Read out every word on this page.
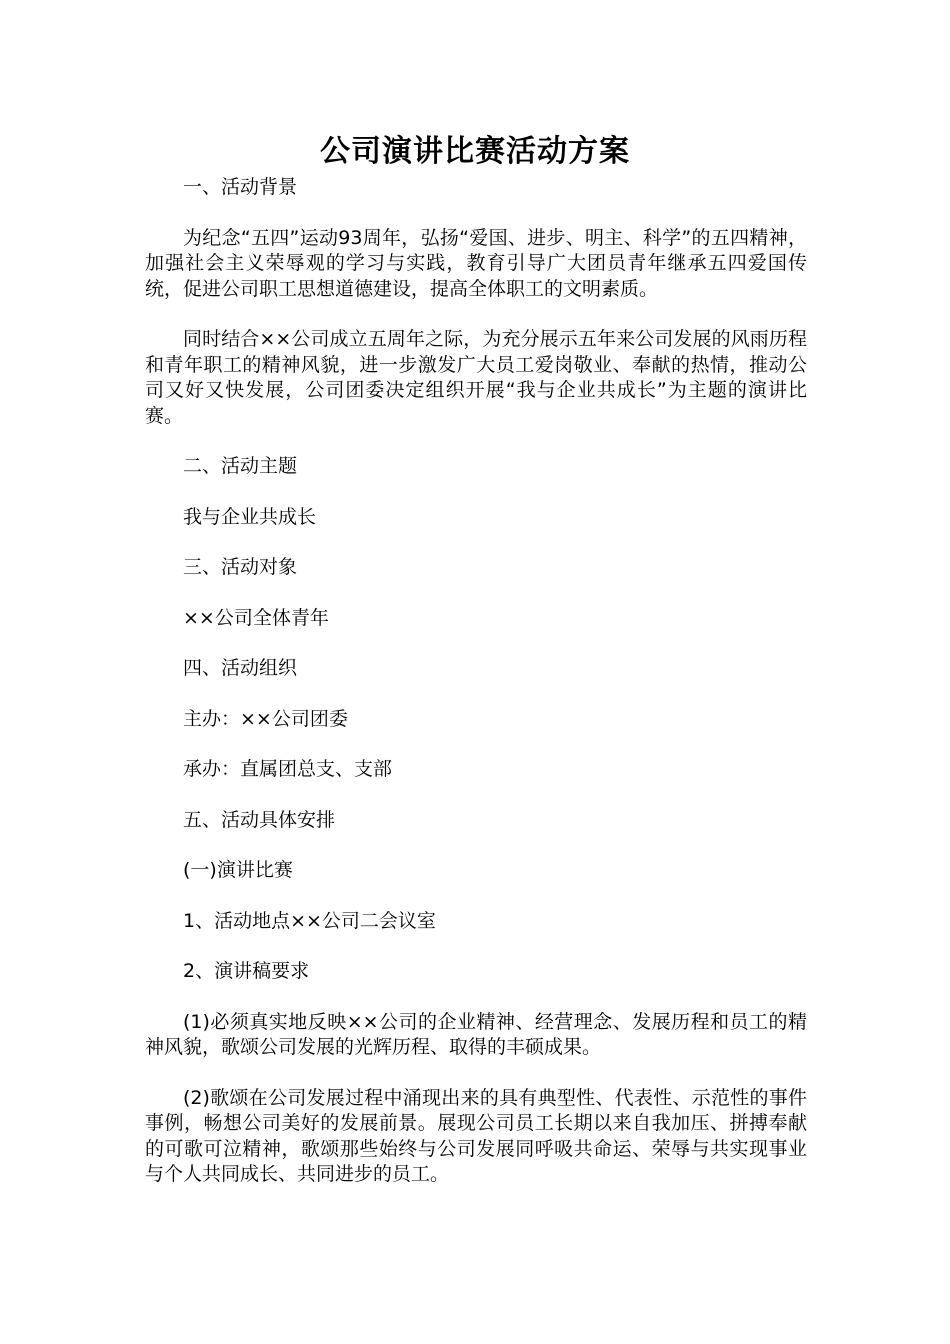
公司演讲比赛活动方案

一、活动背景

为纪念“五四”运动93周年，弘扬“爱国、进步、明主、科学”的五四精神，加强社会主义荣辱观的学习与实践，教育引导广大团员青年继承五四爱国传统，促进公司职工思想道德建设，提高全体职工的文明素质。

同时结合××公司成立五周年之际，为充分展示五年来公司发展的风雨历程和青年职工的精神风貌，进一步激发广大员工爱岗敬业、奉献的热情，推动公司又好又快发展，公司团委决定组织开展“我与企业共成长”为主题的演讲比赛。

二、活动主题

我与企业共成长

三、活动对象

××公司全体青年

四、活动组织

主办：××公司团委

承办：直属团总支、支部

五、活动具体安排

(一)演讲比赛

1、活动地点××公司二会议室

2、演讲稿要求

(1)必须真实地反映××公司的企业精神、经营理念、发展历程和员工的精神风貌，歌颂公司发展的光辉历程、取得的丰硕成果。

(2)歌颂在公司发展过程中涌现出来的具有典型性、代表性、示范性的事件事例，畅想公司美好的发展前景。展现公司员工长期以来自我加压、拼搏奉献的可歌可泣精神，歌颂那些始终与公司发展同呼吸共命运、荣辱与共实现事业与个人共同成长、共同进步的员工。
